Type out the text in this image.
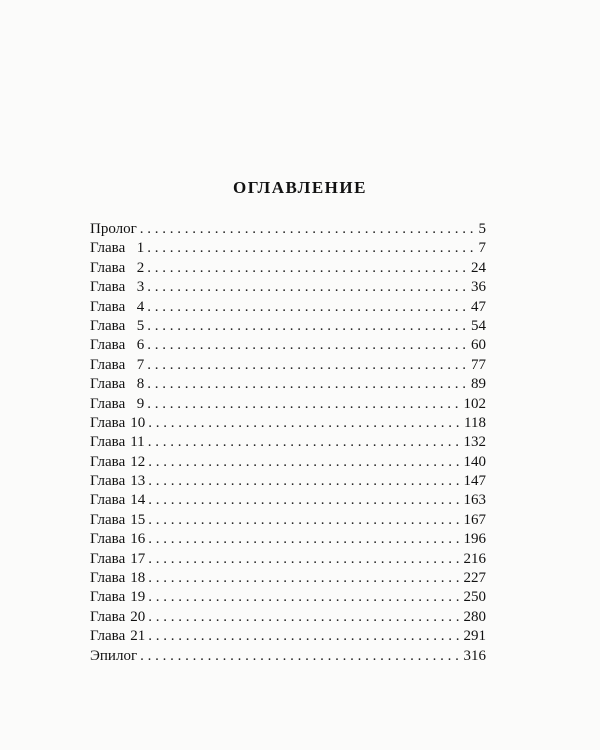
ОГЛАВЛЕНИЕ
Пролог . . .	5
Глава 1 . . .	7
Глава 2 . . .	24
Глава 3 . . .	36
Глава 4 . . .	47
Глава 5 . . .	54
Глава 6 . . .	60
Глава 7 . . .	77
Глава 8 . . .	89
Глава 9 . . .	102
Глава 10 . . .	118
Глава 11 . . .	132
Глава 12 . . .	140
Глава 13 . . .	147
Глава 14 . . .	163
Глава 15 . . .	167
Глава 16 . . .	196
Глава 17 . . .	216
Глава 18 . . .	227
Глава 19 . . .	250
Глава 20 . . .	280
Глава 21 . . .	291
Эпилог . . .	316
